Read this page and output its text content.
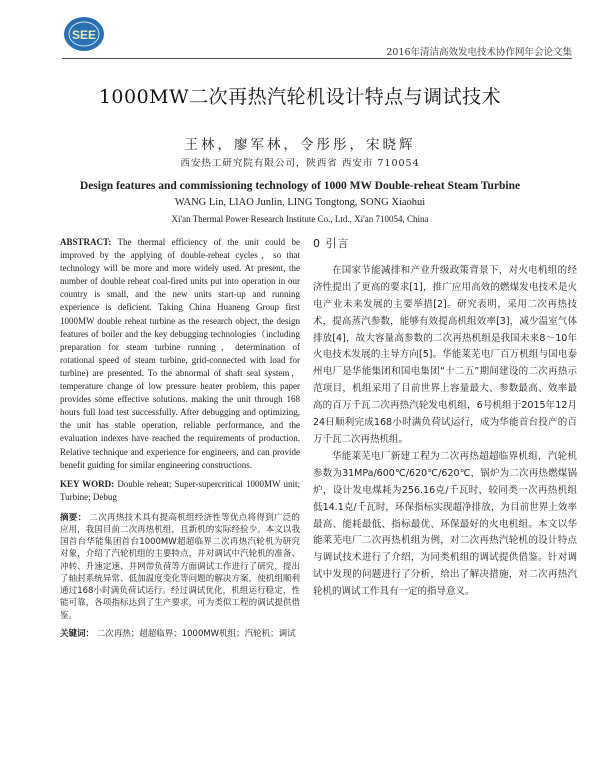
SEE
2016年清洁高效发电技术协作网年会论文集
1000MW二次再热汽轮机设计特点与调试技术
王林，廖军林，令彤彤，宋晓辉
西安热工研究院有限公司，陕西省 西安市 710054
Design features and commissioning technology of 1000 MW Double-reheat Steam Turbine
WANG Lin, LIAO Junlin, LING Tongtong, SONG Xiaohui
Xi'an Thermal Power Research Institute Co., Ltd., Xi'an 710054, China
ABSTRACT: The thermal efficiency of the unit could be improved by the applying of double-reheat cycles，so that technology will be more and more widely used. At present, the number of double reheat coal-fired units put into operation in our country is small, and the new units start-up and running experience is deficient. Taking China Huaneng Group first 1000MW double reheat turbine as the research object, the design features of boiler and the key debugging technologies（including preparation for steam turbine running，determination of rotational speed of steam turbine, grid-connected with load for turbine) are presented. To the abnormal of shaft seal system，temperature change of low pressure heater problem, this paper provides some effective solutions. making the unit through 168 hours full load test successfully. After debugging and optimizing, the unit has stable operation, reliable performance, and the evaluation indexes have reached the requirements of production. Relative technique and experience for engineers, and can provide benefit guiding for similar engineering constructions.
KEY WORD: Double reheat; Super-supercritical 1000MW unit; Turbine; Debug
摘要： 二次再热技术具有提高机组经济性等优点将得到广泛的应用，我国目前二次再热机组，且新机的实际经验少。本文以我国首台华能集团首台1000MW超超临界二次再热汽轮机为研究对象，介绍了汽轮机组的主要特点，并对调试中汽轮机的准备、冲转、升速定速、并网带负荷等方面调试工作进行了研究，提出了轴封系统异常、低加温度变化等问题的解决方案，使机组顺利通过168小时满负荷试运行。经过调试优化，机组运行稳定，性能可靠，各项指标达到了生产要求，可为类似工程的调试提供借鉴。
关键词： 二次再热；超超临界；1000MW机组；汽轮机；调试
0 引言

在国家节能减排和产业升级政策背景下，对火电机组的经济性提出了更高的要求[1]，推广应用高效的燃煤发电技术是火电产业未来发展的主要举措[2]。研究表明，采用二次再热技术，提高蒸汽参数，能够有效提高机组效率[3]，减少温室气体排放[4]，故大容量高参数的二次再热机组是我国未来8～10年火电技术发展的主导方向[5]。华能莱芜电厂百万机组与国电泰州电厂是华能集团和国电集团“十二五”期间建设的二次再热示范项目，机组采用了目前世界上容量最大、参数最高、效率最高的百万千瓦二次再热汽轮发电机组，6号机组于2015年12月24日顺利完成168小时满负荷试运行，成为华能首台投产的百万千瓦二次再热机组。

华能莱芜电厂新建工程为二次再热超超临界机组，汽轮机参数为31MPa/600℃/620℃/620℃，锅炉为二次再热燃煤锅炉，设计发电煤耗为256.16克/千瓦时，较同类一次再热机组低14.1克/千瓦时，环保指标实现超净排放，为目前世界上效率最高、能耗最低、指标最优、环保最好的火电机组。本文以华能莱芜电厂二次再热机组为例，对二次再热汽轮机的设计特点与调试技术进行了介绍，为同类机组的调试提供借鉴。针对调试中发现的问题进行了分析，给出了解决措施，对二次再热汽轮机的调试工作具有一定的指导意义。
